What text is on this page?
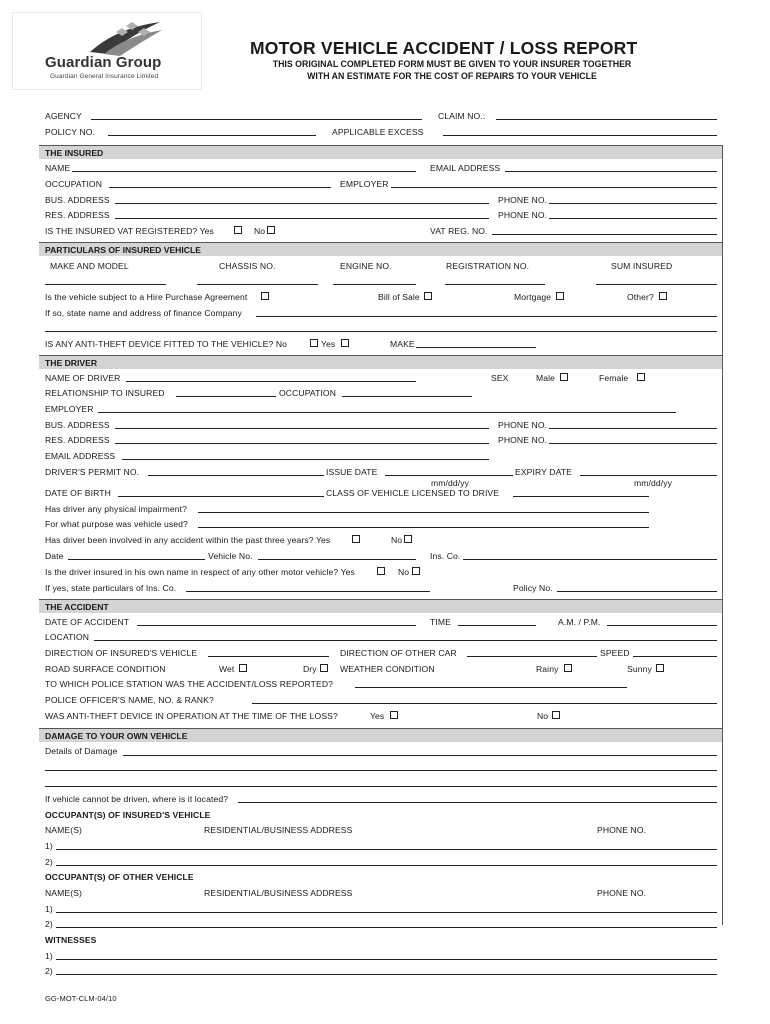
Guardian Group
Guardian General Insurance Limited
MOTOR VEHICLE ACCIDENT / LOSS REPORT
THIS ORIGINAL COMPLETED FORM MUST BE GIVEN TO YOUR INSURER TOGETHER
WITH AN ESTIMATE FOR THE COST OF REPAIRS TO YOUR VEHICLE
AGENCY	CLAIM NO.:
POLICY NO.	APPLICABLE EXCESS
THE INSURED
NAME	EMAIL ADDRESS
OCCUPATION	EMPLOYER
BUS. ADDRESS	PHONE NO.
RES. ADDRESS	PHONE NO.
IS THE INSURED VAT REGISTERED? Yes	No	VAT REG. NO.
PARTICULARS OF INSURED VEHICLE
MAKE AND MODEL	CHASSIS NO.	ENGINE NO.	REGISTRATION NO.	SUM INSURED
Is the vehicle subject to a Hire Purchase Agreement	Bill of Sale	Mortgage	Other?
If so, state name and address of finance Company
IS ANY ANTI-THEFT DEVICE FITTED TO THE VEHICLE? No	Yes	MAKE
THE DRIVER
NAME OF DRIVER	SEX	Male	Female
RELATIONSHIP TO INSURED	OCCUPATION
EMPLOYER
BUS. ADDRESS	PHONE NO.
RES. ADDRESS	PHONE NO.
EMAIL ADDRESS
DRIVER'S PERMIT NO.	ISSUE DATE	EXPIRY DATE
mm/dd/yy	mm/dd/yy
DATE OF BIRTH	CLASS OF VEHICLE LICENSED TO DRIVE
Has driver any physical impairment?
For what purpose was vehicle used?
Has driver been involved in any accident within the past three years? Yes	No
Date	Vehicle No.	Ins. Co.
Is the driver insured in his own name in respect of any other motor vehicle? Yes	No
If yes, state particulars of Ins. Co.	Policy No.
THE ACCIDENT
DATE OF ACCIDENT	TIME	A.M. / P.M.
LOCATION
DIRECTION OF INSURED'S VEHICLE	DIRECTION OF OTHER CAR	SPEED
ROAD SURFACE CONDITION	Wet	Dry	WEATHER CONDITION	Rainy	Sunny
TO WHICH POLICE STATION WAS THE ACCIDENT/LOSS REPORTED?
POLICE OFFICER'S NAME, NO. & RANK?
WAS ANTI-THEFT DEVICE IN OPERATION AT THE TIME OF THE LOSS?	Yes	No
DAMAGE TO YOUR OWN VEHICLE
Details of Damage
If vehicle cannot be driven, where is it located?
OCCUPANT(S) OF INSURED'S VEHICLE
NAME(S)	RESIDENTIAL/BUSINESS ADDRESS	PHONE NO.
1)
2)
OCCUPANT(S) OF OTHER VEHICLE
NAME(S)	RESIDENTIAL/BUSINESS ADDRESS	PHONE NO.
1)
2)
WITNESSES
1)
2)
GG-MOT-CLM-04/10
